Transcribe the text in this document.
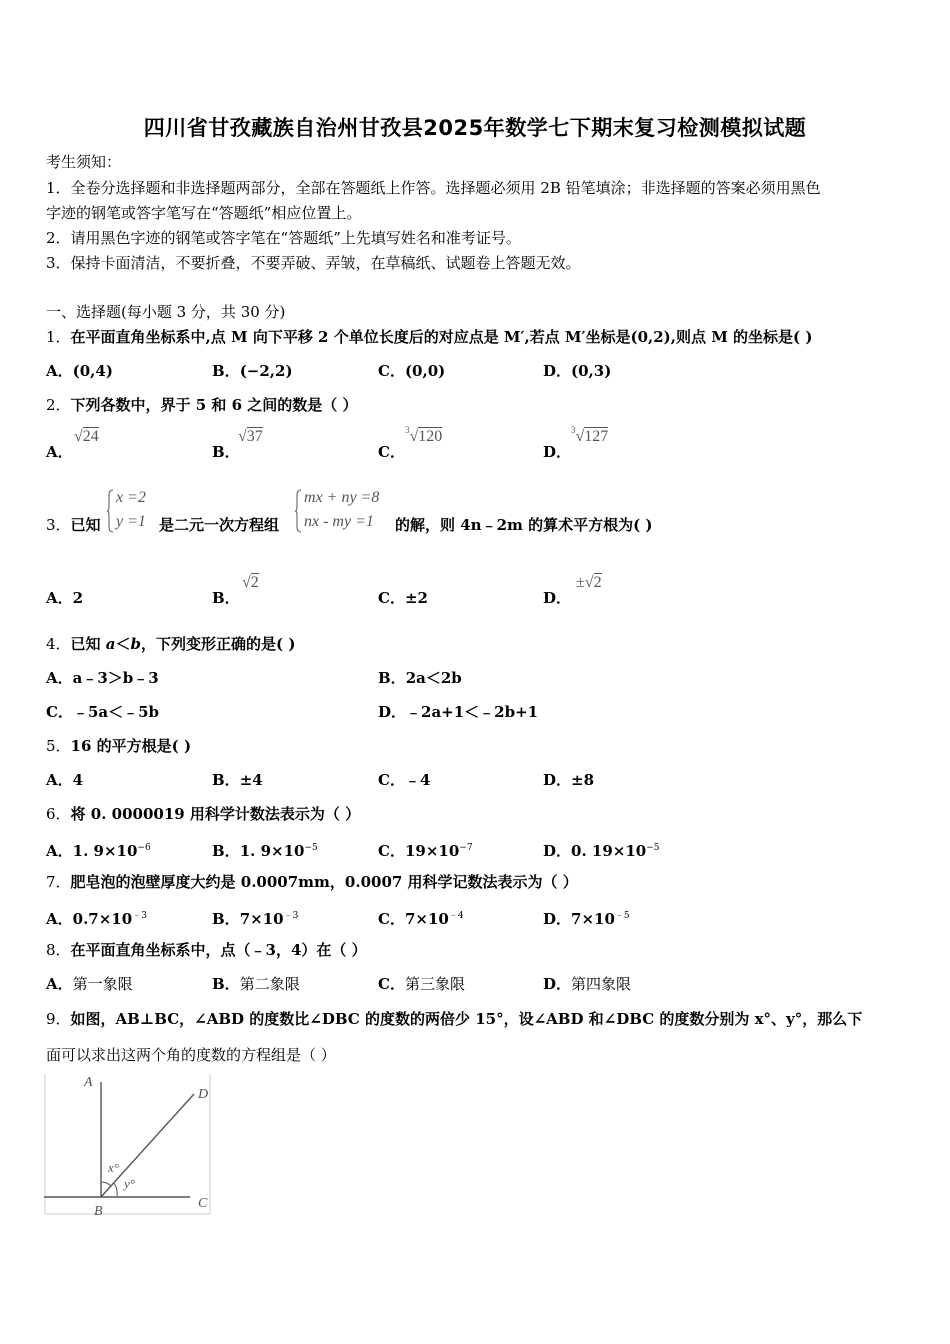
四川省甘孜藏族自治州甘孜县2025年数学七下期末复习检测模拟试题
考生须知：
1．全卷分选择题和非选择题两部分，全部在答题纸上作答。选择题必须用 2B 铅笔填涂；非选择题的答案必须用黑色
字迹的钢笔或答字笔写在“答题纸”相应位置上。
2．请用黑色字迹的钢笔或答字笔在“答题纸”上先填写姓名和准考证号。
3．保持卡面清洁，不要折叠，不要弄破、弄皱，在草稿纸、试题卷上答题无效。
一、选择题(每小题 3 分，共 30 分)
1．在平面直角坐标系中,点 M 向下平移 2 个单位长度后的对应点是 M′,若点 M′坐标是(0,2),则点 M 的坐标是( )
A．(0,4)	B．(−2,2)	C．(0,0)	D．(0,3)
2．下列各数中，界于 5 和 6 之间的数是（ ）
A．
√24
B．
√37
C．
$^3$√120
D．
$^3$√127
3．已知
x =2
y =1 是二元一次方程组
mx + ny =8
nx - my =1 的解，则 4n﹣2m 的算术平方根为( )
A．2	B．
√2
C．±2	D．
±√2
4．已知 a＜b，下列变形正确的是( )
A．a﹣3＞b﹣3	B．2a＜2b
C．﹣5a＜﹣5b	D．﹣2a+1＜﹣2b+1
5．16 的平方根是( )
A．4	B．±4	C．﹣4	D．±8
6．将 0. 0000019 用科学计数法表示为（ ）
A．1. $9\times 10^{-6}$	B．1. $9\times 10^{-5}$	C．$19\times 10^{-7}$	D．0. $19\times 10^{-5}$
7．肥皂泡的泡壁厚度大约是 0.0007mm，0.0007 用科学记数法表示为（ ）
A．$0.7\times 10^{﹣3}$	B．$7\times 10^{﹣3}$	C．$7\times 10^{﹣4}$	D．$7\times 10^{﹣5}$
8．在平面直角坐标系中，点（﹣3，4）在（ ）
A．第一象限	B．第二象限	C．第三象限	D．第四象限
9．如图，AB⊥BC，∠ABD 的度数比∠DBC 的度数的两倍少 15°，设∠ABD 和∠DBC 的度数分别为 x°、y°，那么下
面可以求出这两个角的度数的方程组是（ ）
A
B
C
D
x°
y°
